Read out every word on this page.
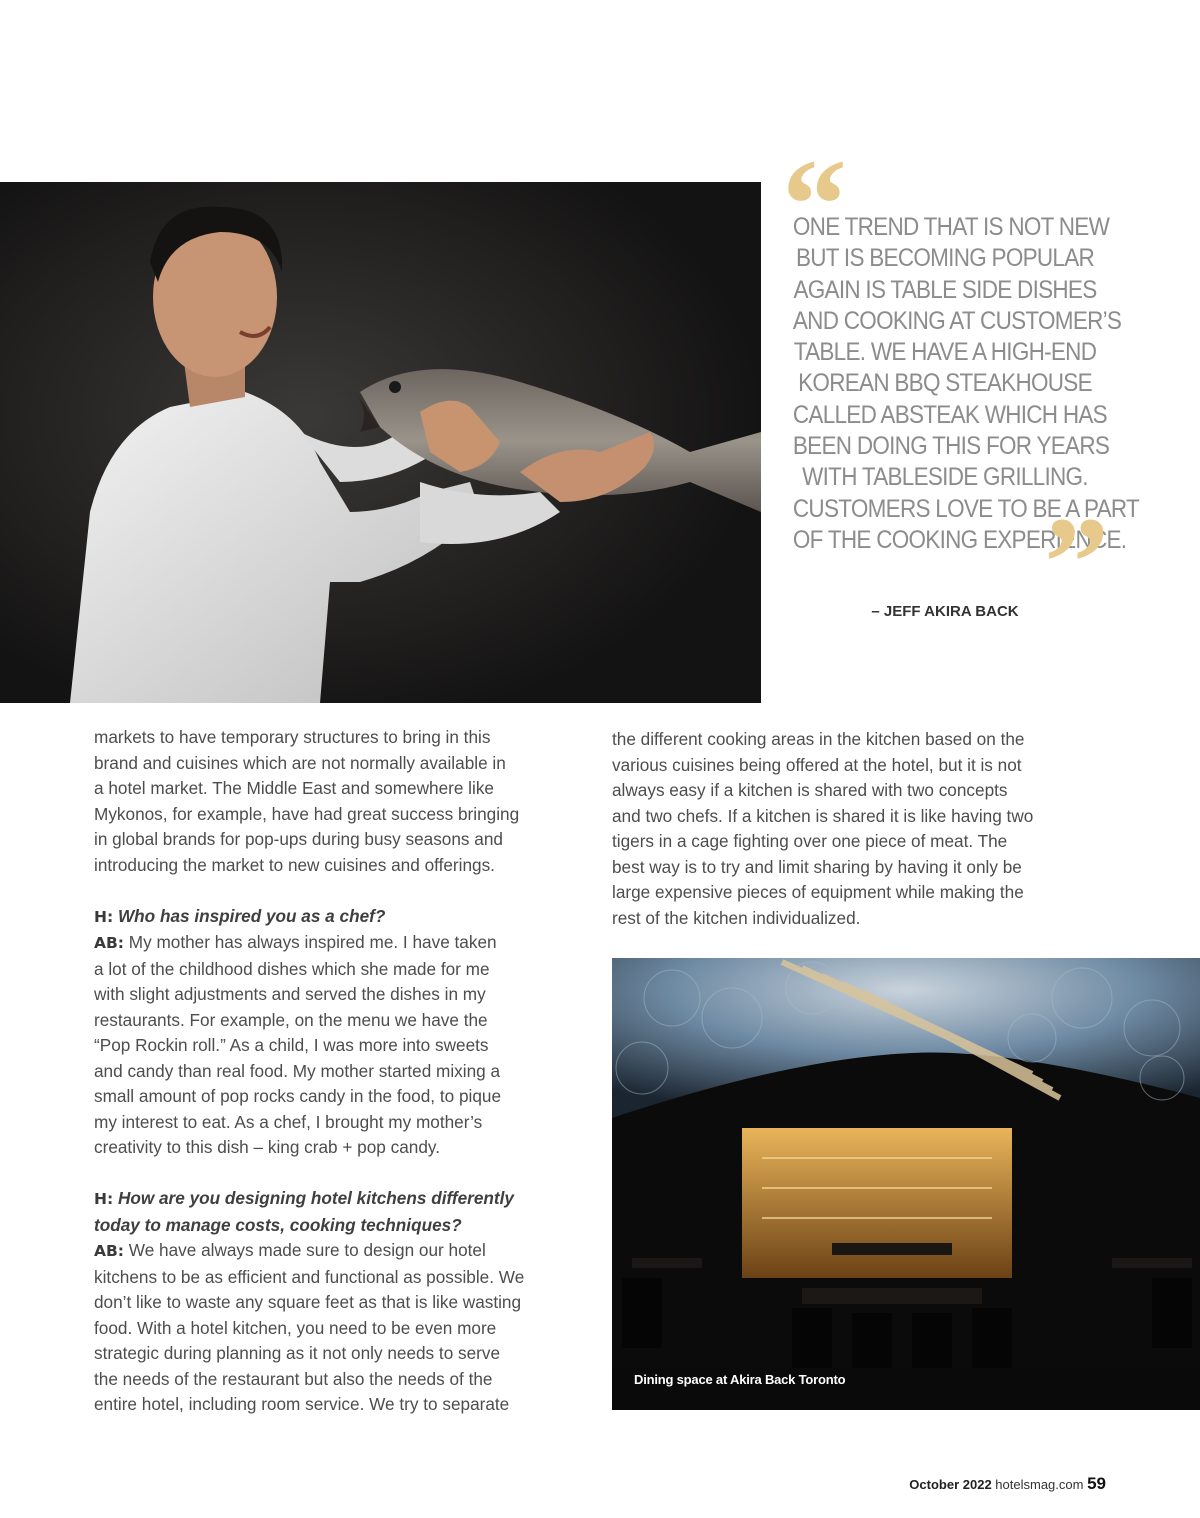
“
ONE TREND THAT IS NOT NEW
BUT IS BECOMING POPULAR
AGAIN IS TABLE SIDE DISHES
AND COOKING AT CUSTOMER’S
TABLE. WE HAVE A HIGH-END
KOREAN BBQ STEAKHOUSE
CALLED ABSTEAK WHICH HAS
BEEN DOING THIS FOR YEARS
WITH TABLESIDE GRILLING.
CUSTOMERS LOVE TO BE A PART
OF THE COOKING EXPERIENCE.
”
– JEFF AKIRA BACK

markets to have temporary structures to bring in this

brand and cuisines which are not normally available in

a hotel market. The Middle East and somewhere like

Mykonos, for example, have had great success bringing

in global brands for pop-ups during busy seasons and

introducing the market to new cuisines and offerings.

H: Who has inspired you as a chef?

AB: My mother has always inspired me. I have taken

a lot of the childhood dishes which she made for me

with slight adjustments and served the dishes in my

restaurants. For example, on the menu we have the

“Pop Rockin roll.” As a child, I was more into sweets

and candy than real food. My mother started mixing a

small amount of pop rocks candy in the food, to pique

my interest to eat. As a chef, I brought my mother’s

creativity to this dish – king crab + pop candy.

H: How are you designing hotel kitchens differently

today to manage costs, cooking techniques?

AB: We have always made sure to design our hotel

kitchens to be as efficient and functional as possible. We

don’t like to waste any square feet as that is like wasting

food. With a hotel kitchen, you need to be even more

strategic during planning as it not only needs to serve

the needs of the restaurant but also the needs of the

entire hotel, including room service. We try to separate

the different cooking areas in the kitchen based on the

various cuisines being offered at the hotel, but it is not

always easy if a kitchen is shared with two concepts

and two chefs. If a kitchen is shared it is like having two

tigers in a cage fighting over one piece of meat. The

best way is to try and limit sharing by having it only be

large expensive pieces of equipment while making the

rest of the kitchen individualized.

Dining space at Akira Back Toronto
October 2022 hotelsmag.com 59
